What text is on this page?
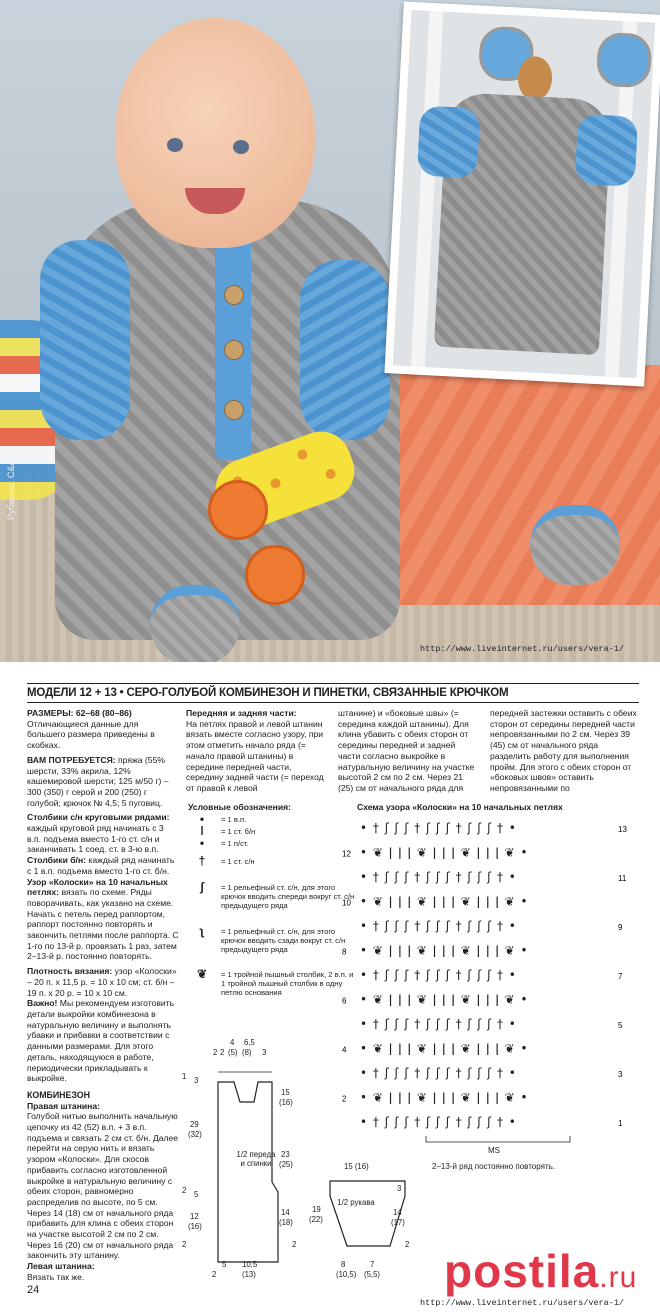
Рубашка: C&A
http://www.liveinternet.ru/users/vera-1/
МОДЕЛИ 12 + 13 • СЕРО-ГОЛУБОЙ КОМБИНЕЗОН И ПИНЕТКИ, СВЯЗАННЫЕ КРЮЧКОМ

РАЗМЕРЫ: 62–68 (80–86)
Отличающиеся данные для большего размера приведены в скобках.

ВАМ ПОТРЕБУЕТСЯ: пряжа (55% шерсти, 33% акрила, 12% кашемировой шерсти; 125 м/50 г) – 300 (350) г серой и 200 (250) г голубой; крючок № 4,5; 5 пуговиц.

Столбики с/н круговыми рядами: каждый круговой ряд начинать с 3 в.п. подъема вместо 1-го ст. с/н и заканчивать 1 соед. ст. в 3-ю в.п.
Столбики б/н: каждый ряд начинать с 1 в.п. подъема вместо 1-го ст. б/н.
Узор «Колоски» на 10 начальных петлях: вязать по схеме. Ряды поворачивать, как указано на схеме. Начать с петель перед раппортом, раппорт постоянно повторять и закончить петлями после раппорта. С 1-го по 13-й р. провязать 1 раз, затем 2–13-й р. постоянно повторять.

Плотность вязания: узор «Колоски» – 20 п. х 11,5 р. = 10 х 10 см; ст. б/н – 19 п. х 20 р. = 10 х 10 см.
Важно! Мы рекомендуем изготовить детали выкройки комбинезона в натуральную величину и выполнять убавки и прибавки в соответствии с данными размерами. Для этого деталь, находящуюся в работе, периодически прикладывать к выкройке.

КОМБИНЕЗОН

Правая штанина:
Голубой нитью выполнить начальную цепочку из 42 (52) в.п. + 3 в.п. подъема и связать 2 см ст. б/н. Далее перейти на серую нить и вязать узором «Колоски». Для скосов прибавить согласно изготовленной выкройке в натуральную величину с обеих сторон, равномерно распределив по высоте, по 5 см. Через 14 (18) см от начального ряда прибавить для клина с обеих сторон на участке высотой 2 см по 2 см. Через 16 (20) см от начального ряда закончить эту штанину.
Левая штанина:
Вязать так же.

Передняя и задняя части:
На петлях правой и левой штанин вязать вместе согласно узору, при этом отметить начало ряда (= начало правой штанины) в середине передней части, середину задней части (= переход от правой к левой
штанине) и «боковые швы» (= середина каждой штанины). Для клина убавить с обеих сторон от середины передней и задней части согласно выкройке в натуральную величину на участке высотой 2 см по 2 см. Через 21 (25) см от начального ряда для
передней застежки оставить с обеих сторон от середины передней части непровязанными по 2 см. Через 39 (45) см от начального ряда разделить работу для выполнения пройм. Для этого с обеих сторон от «боковых швов» оставить непровязанными по
Условные обозначения:
•	= 1 в.п.
ǀ	= 1 ст. б/н
•	= 1 п/ст.
†	= 1 ст. с/н
ʃ	= 1 рельефный ст. с/н, для этого крючок вводить спереди вокруг ст. с/н предыдущего ряда
ʅ	= 1 рельефный ст. с/н, для этого крючок вводить сзади вокруг ст. с/н предыдущего ряда
❦	= 1 тройной пышный столбик, 2 в.п. и 1 тройной пышный столбик в одну петлю основания
Схема узора «Колоски» на 10 начальных петлях
• † ʃ ʃ ʃ † ʃ ʃ ʃ † ʃ ʃ ʃ † •	13
• ❦ ǀ ǀ ǀ ❦ ǀ ǀ ǀ ❦ ǀ ǀ ǀ ❦ •
12
• † ʃ ʃ ʃ † ʃ ʃ ʃ † ʃ ʃ ʃ † •	11
• ❦ ǀ ǀ ǀ ❦ ǀ ǀ ǀ ❦ ǀ ǀ ǀ ❦ •
10
• † ʃ ʃ ʃ † ʃ ʃ ʃ † ʃ ʃ ʃ † •	9
• ❦ ǀ ǀ ǀ ❦ ǀ ǀ ǀ ❦ ǀ ǀ ǀ ❦ •
8
• † ʃ ʃ ʃ † ʃ ʃ ʃ † ʃ ʃ ʃ † •	7
• ❦ ǀ ǀ ǀ ❦ ǀ ǀ ǀ ❦ ǀ ǀ ǀ ❦ •
6
• † ʃ ʃ ʃ † ʃ ʃ ʃ † ʃ ʃ ʃ † •	5
• ❦ ǀ ǀ ǀ ❦ ǀ ǀ ǀ ❦ ǀ ǀ ǀ ❦ •
4
• † ʃ ʃ ʃ † ʃ ʃ ʃ † ʃ ʃ ʃ † •	3
• ❦ ǀ ǀ ǀ ❦ ǀ ǀ ǀ ❦ ǀ ǀ ǀ ❦ •
2
• † ʃ ʃ ʃ † ʃ ʃ ʃ † ʃ ʃ ʃ † •	1
MS
2–13-й ряд постоянно повторять.
4
2 2 (5) (8)
6,5
3
1 3
29
(32)
2 5
12
(16)
2
15
(16)
23
(25)
14
(18)
2
1/2 переда и спинки
5 10,5
(13)
2
15 (16)
19
(22)
3
14
(17)
2
1/2 рукава
8
(10,5)
7
(5,5)
24	postila.ru
http://www.liveinternet.ru/users/vera-1/
